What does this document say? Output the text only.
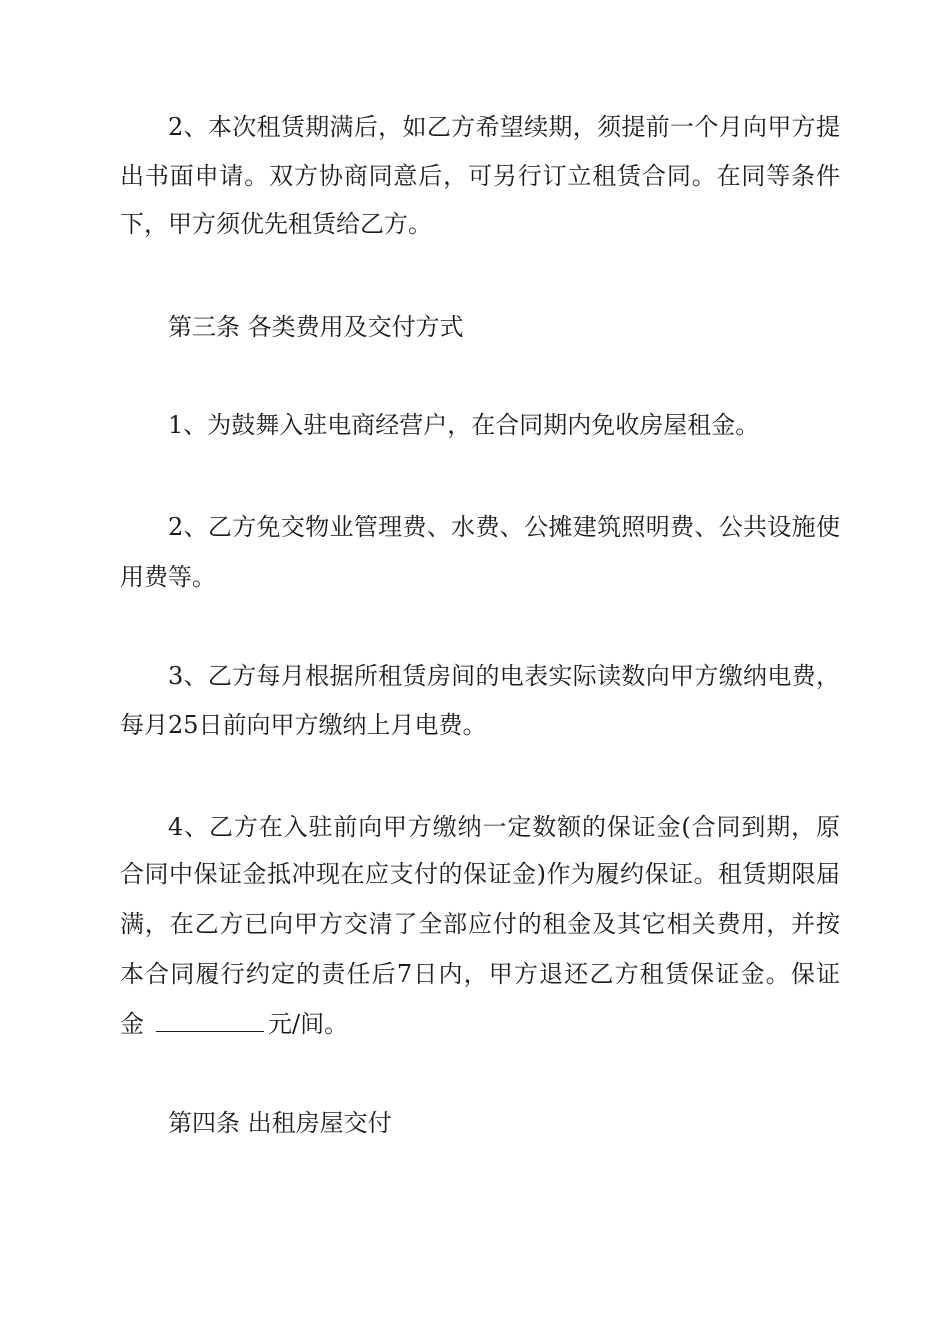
2、本次租赁期满后，如乙方希望续期，须提前一个月向甲方提
出书面申请。双方协商同意后，可另行订立租赁合同。在同等条件
下，甲方须优先租赁给乙方。
第三条 各类费用及交付方式
1、为鼓舞入驻电商经营户，在合同期内免收房屋租金。
2、乙方免交物业管理费、水费、公摊建筑照明费、公共设施使
用费等。
3、乙方每月根据所租赁房间的电表实际读数向甲方缴纳电费，
每月25日前向甲方缴纳上月电费。
4、乙方在入驻前向甲方缴纳一定数额的保证金(合同到期，原
合同中保证金抵冲现在应支付的保证金)作为履约保证。租赁期限届
满，在乙方已向甲方交清了全部应付的租金及其它相关费用，并按
本合同履行约定的责任后7日内，甲方退还乙方租赁保证金。保证
金	元/间。
第四条 出租房屋交付
